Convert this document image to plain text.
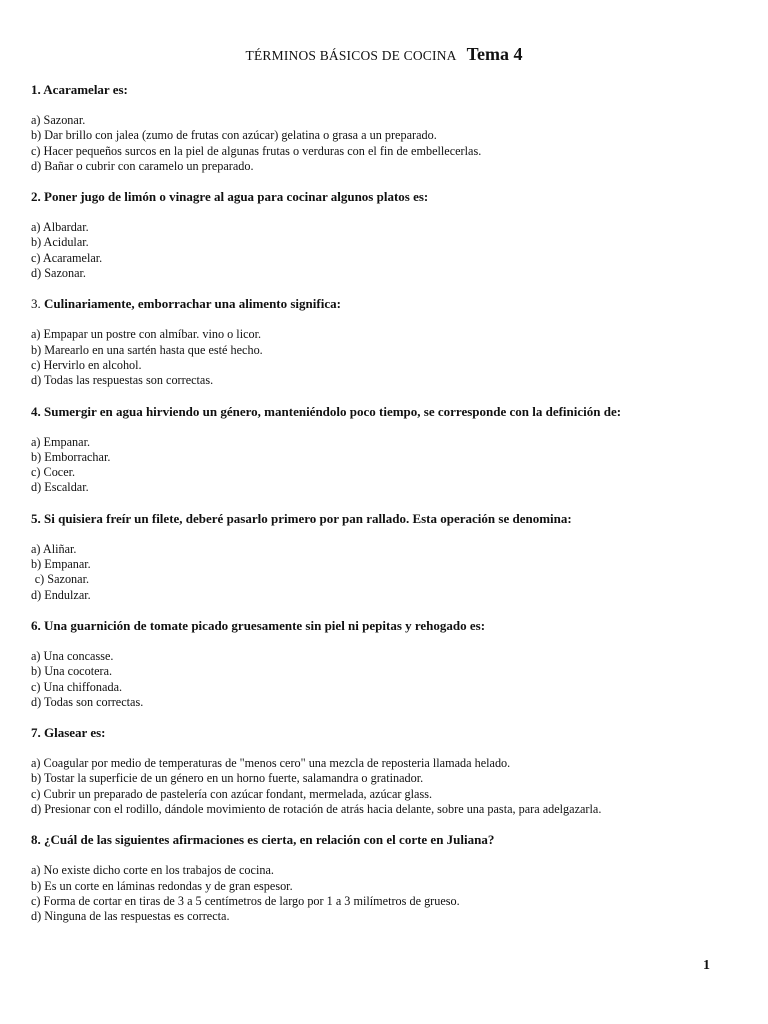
TÉRMINOS BÁSICOS DE COCINA Tema 4

1. Acaramelar es:

a) Sazonar.

b) Dar brillo con jalea (zumo de frutas con azúcar) gelatina o grasa a un preparado.

c) Hacer pequeños surcos en la piel de algunas frutas o verduras con el fin de embellecerlas.

d) Bañar o cubrir con caramelo un preparado.

2. Poner jugo de limón o vinagre al agua para cocinar algunos platos es:

a) Albardar.

b) Acidular.

c) Acaramelar.

d) Sazonar.

3. Culinariamente, emborrachar una alimento significa:

a) Empapar un postre con almíbar. vino o licor.

b) Marearlo en una sartén hasta que esté hecho.

c) Hervirlo en alcohol.

d) Todas las respuestas son correctas.

4. Sumergir en agua hirviendo un género, manteniéndolo poco tiempo, se corresponde con la definición de:

a) Empanar.

b) Emborrachar.

c) Cocer.

d) Escaldar.

5. Si quisiera freír un filete, deberé pasarlo primero por pan rallado. Esta operación se denomina:

a) Aliñar.

b) Empanar.

c) Sazonar.

d) Endulzar.

6. Una guarnición de tomate picado gruesamente sin piel ni pepitas y rehogado es:

a) Una concasse.

b) Una cocotera.

c) Una chiffonada.

d) Todas son correctas.

7. Glasear es:

a) Coagular por medio de temperaturas de "menos cero" una mezcla de reposteria llamada helado.

b) Tostar la superficie de un género en un horno fuerte, salamandra o gratinador.

c) Cubrir un preparado de pastelería con azúcar fondant, mermelada, azúcar glass.

d) Presionar con el rodillo, dándole movimiento de rotación de atrás hacia delante, sobre una pasta, para adelgazarla.

8. ¿Cuál de las siguientes afirmaciones es cierta, en relación con el corte en Juliana?

a) No existe dicho corte en los trabajos de cocina.

b) Es un corte en láminas redondas y de gran espesor.

c) Forma de cortar en tiras de 3 a 5 centímetros de largo por 1 a 3 milímetros de grueso.

d) Ninguna de las respuestas es correcta.

1
